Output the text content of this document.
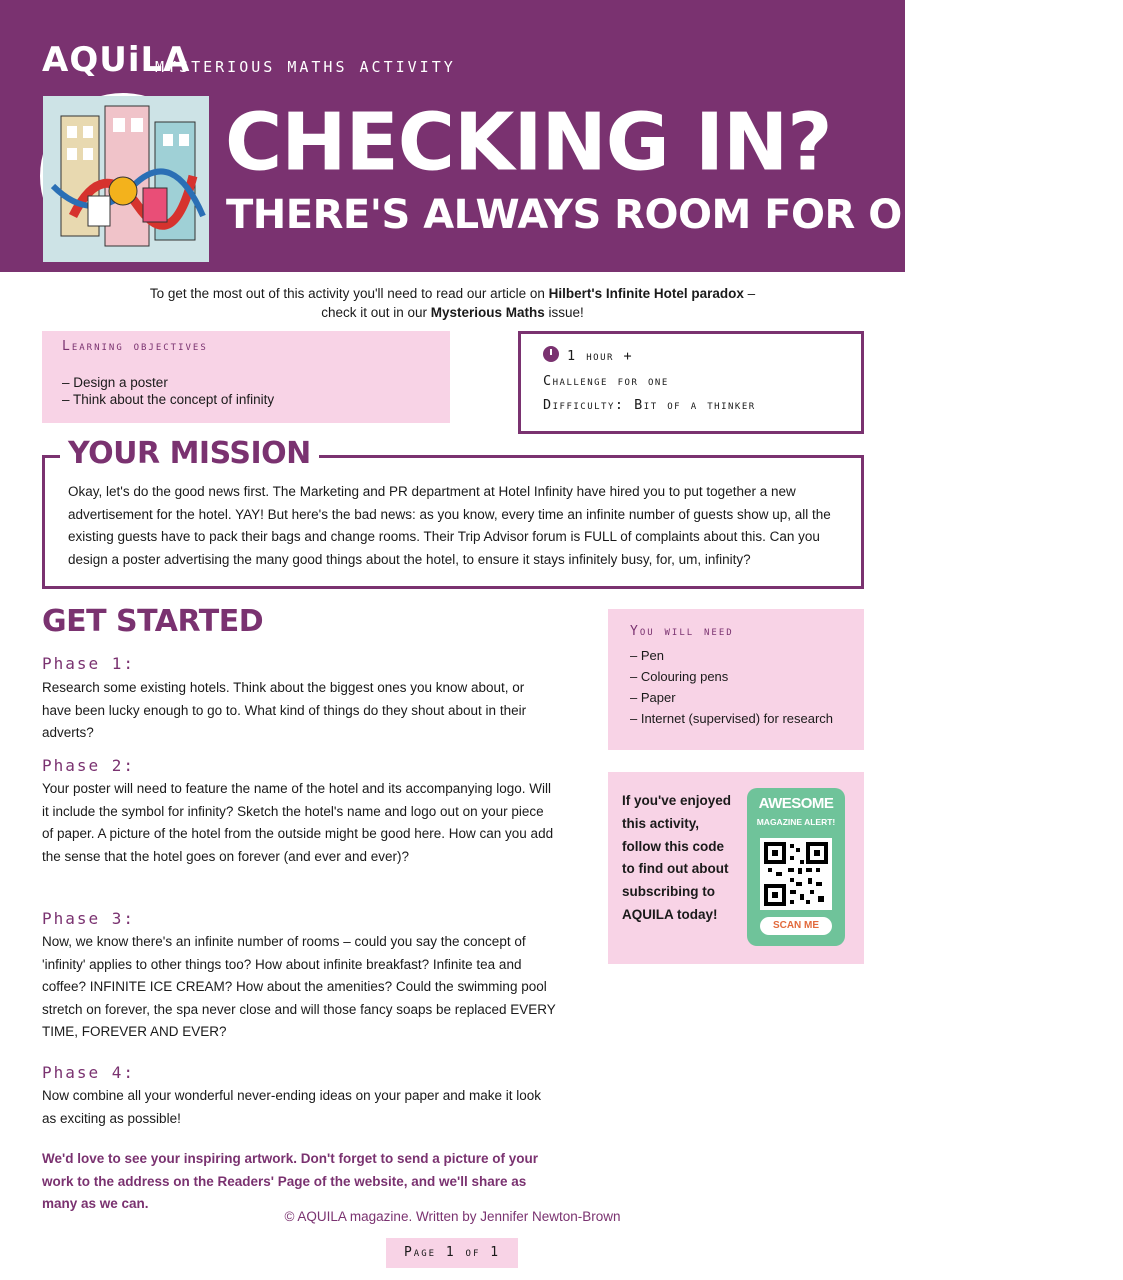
AQUiLA
MYSTERIOUS MATHS ACTIVITY
CHECKING IN?
THERE'S ALWAYS ROOM FOR ONE MORE!
To get the most out of this activity you'll need to read our article on Hilbert's Infinite Hotel paradox –
check it out in our Mysterious Maths issue!
Learning objectives
– Design a poster
– Think about the concept of infinity
1 hour +
Challenge for one
Difficulty: Bit of a thinker
YOUR MISSION
Okay, let's do the good news first. The Marketing and PR department at Hotel Infinity have hired you to put together a new advertisement for the hotel. YAY! But here's the bad news: as you know, every time an infinite number of guests show up, all the existing guests have to pack their bags and change rooms. Their Trip Advisor forum is FULL of complaints about this. Can you design a poster advertising the many good things about the hotel, to ensure it stays infinitely busy, for, um, infinity?
GET STARTED
Phase 1:
Research some existing hotels. Think about the biggest ones you know about, or have been lucky enough to go to. What kind of things do they shout about in their adverts?
Phase 2:
Your poster will need to feature the name of the hotel and its accompanying logo. Will it include the symbol for infinity? Sketch the hotel's name and logo out on your piece of paper. A picture of the hotel from the outside might be good here. How can you add the sense that the hotel goes on forever (and ever and ever)?
Phase 3:
Now, we know there's an infinite number of rooms – could you say the concept of 'infinity' applies to other things too? How about infinite breakfast? Infinite tea and coffee? INFINITE ICE CREAM? How about the amenities? Could the swimming pool stretch on forever, the spa never close and will those fancy soaps be replaced EVERY TIME, FOREVER AND EVER?
Phase 4:
Now combine all your wonderful never-ending ideas on your paper and make it look as exciting as possible!
We'd love to see your inspiring artwork. Don't forget to send a picture of your work to the address on the Readers' Page of the website, and we'll share as many as we can.
You will need
– Pen
– Colouring pens
– Paper
– Internet (supervised) for research
If you've enjoyed this activity, follow this code to find out about subscribing to AQUILA today!
AWESOME
MAGAZINE ALERT!
SCAN ME
© AQUILA magazine. Written by Jennifer Newton-Brown
Page 1 of 1
